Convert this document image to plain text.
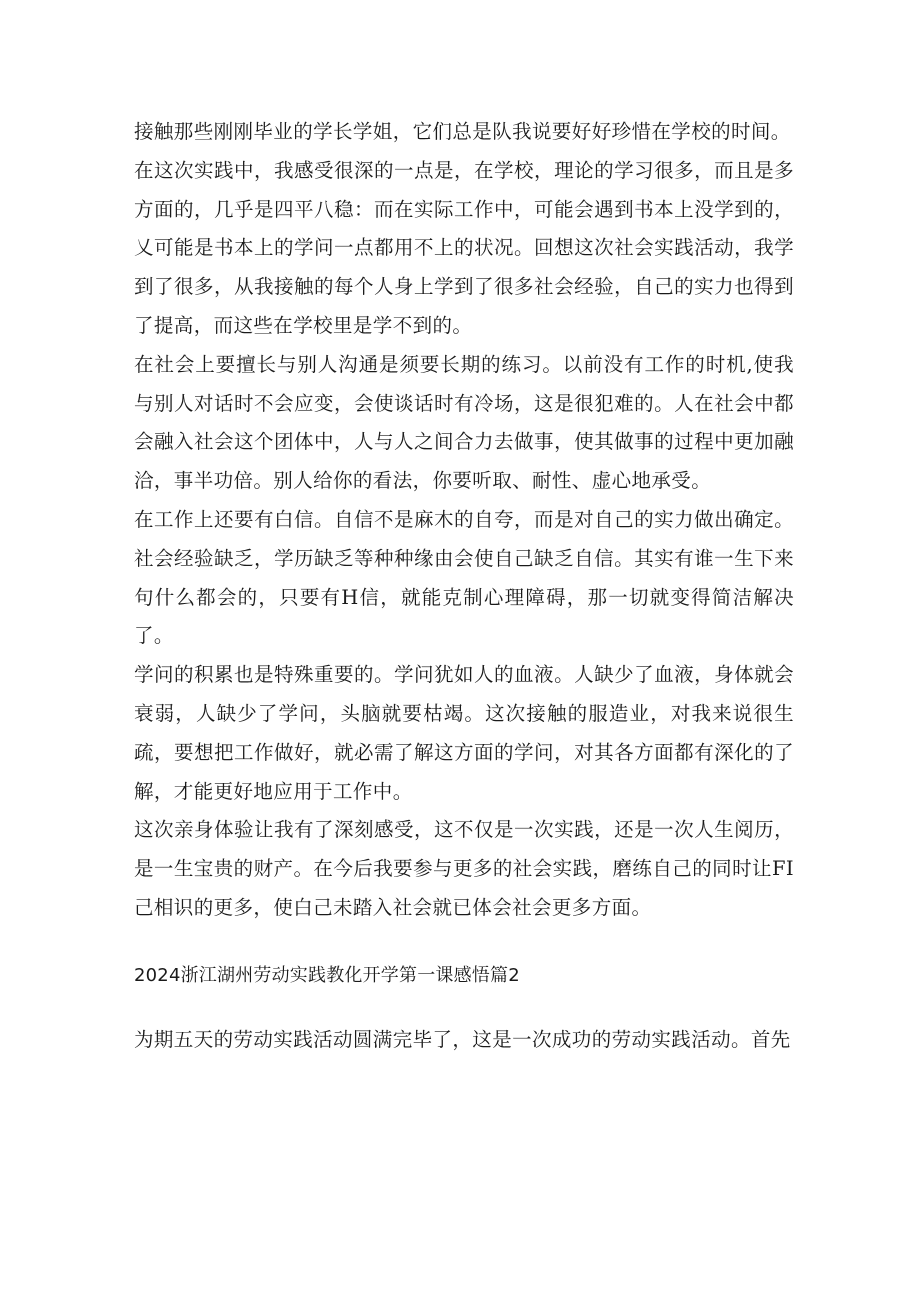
接触那些刚刚毕业的学长学姐，它们总是队我说要好好珍惜在学校的时间。

在这次实践中，我感受很深的一点是，在学校，理论的学习很多，而且是多方面的，几乎是四平八稳：而在实际工作中，可能会遇到书本上没学到的，乂可能是书本上的学问一点都用不上的状况。回想这次社会实践活动，我学到了很多，从我接触的每个人身上学到了很多社会经验，自己的实力也得到了提高，而这些在学校里是学不到的。

在社会上要擅长与别人沟通是须要长期的练习。以前没有工作的时机,使我与别人对话时不会应变，会使谈话时有冷场，这是很犯难的。人在社会中都会融入社会这个团体中，人与人之间合力去做事，使其做事的过程中更加融洽，事半功倍。别人给你的看法，你要听取、耐性、虚心地承受。

在工作上还要有白信。自信不是麻木的自夸，而是对自己的实力做出确定。社会经验缺乏，学历缺乏等种种缘由会使自己缺乏自信。其实有谁一生下来句什么都会的，只要有H信，就能克制心理障碍，那一切就变得简洁解决了。

学问的积累也是特殊重要的。学问犹如人的血液。人缺少了血液，身体就会衰弱，人缺少了学问，头脑就要枯竭。这次接触的服造业，对我来说很生疏，要想把工作做好，就必需了解这方面的学问，对其各方面都有深化的了解，才能更好地应用于工作中。

这次亲身体验让我有了深刻感受，这不仅是一次实践，还是一次人生阅历，是一生宝贵的财产。在今后我要参与更多的社会实践，磨练自己的同时让FI己相识的更多，使白己未踏入社会就已体会社会更多方面。

2024浙江湖州劳动实践教化开学第一课感悟篇2

为期五天的劳动实践活动圆满完毕了，这是一次成功的劳动实践活动。首先
